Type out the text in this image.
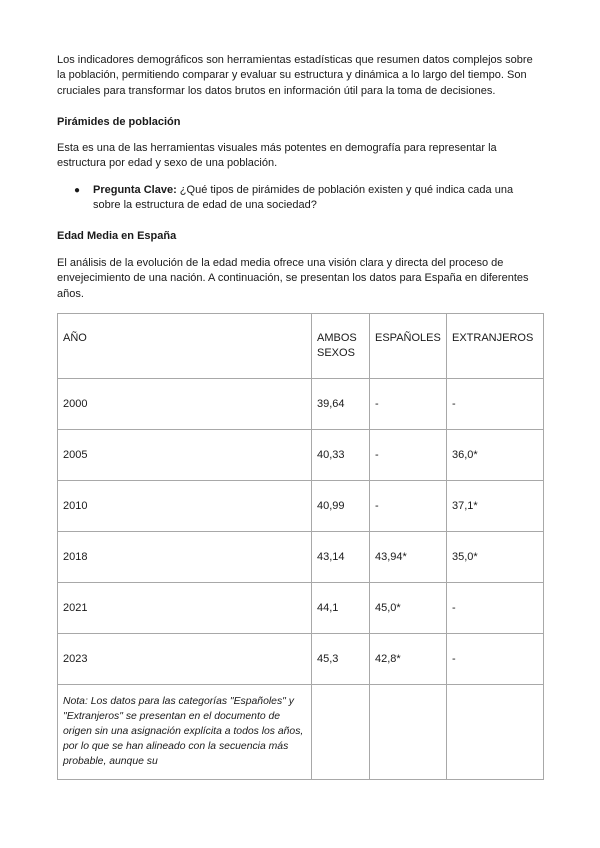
Los indicadores demográficos son herramientas estadísticas que resumen datos complejos sobre la población, permitiendo comparar y evaluar su estructura y dinámica a lo largo del tiempo. Son cruciales para transformar los datos brutos en información útil para la toma de decisiones.

Pirámides de población

Esta es una de las herramientas visuales más potentes en demografía para representar la estructura por edad y sexo de una población.

● Pregunta Clave: ¿Qué tipos de pirámides de población existen y qué indica cada una sobre la estructura de edad de una sociedad?
Edad Media en España

El análisis de la evolución de la edad media ofrece una visión clara y directa del proceso de envejecimiento de una nación. A continuación, se presentan los datos para España en diferentes años.

AÑO	AMBOS SEXOS	ESPAÑOLES	EXTRANJEROS
2000	39,64	-	-
2005	40,33	-	36,0*
2010	40,99	-	37,1*
2018	43,14	43,94*	35,0*
2021	44,1	45,0*	-
2023	45,3	42,8*	-
Nota: Los datos para las categorías "Españoles" y "Extranjeros" se presentan en el documento de origen sin una asignación explícita a todos los años, por lo que se han alineado con la secuencia más probable, aunque su			
